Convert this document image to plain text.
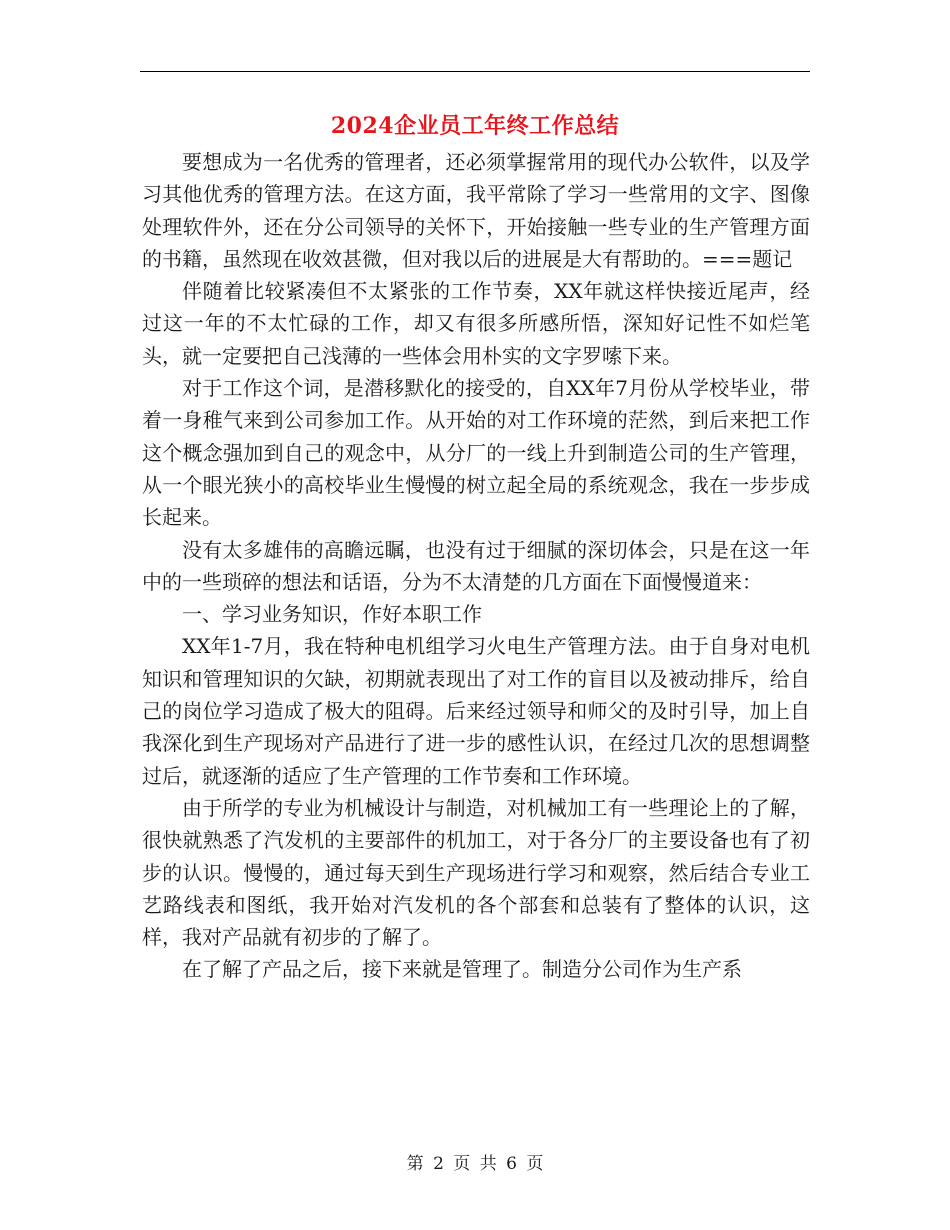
2024企业员工年终工作总结

要想成为一名优秀的管理者，还必须掌握常用的现代办公软件，以及学习其他优秀的管理方法。在这方面，我平常除了学习一些常用的文字、图像处理软件外，还在分公司领导的关怀下，开始接触一些专业的生产管理方面的书籍，虽然现在收效甚微，但对我以后的进展是大有帮助的。===题记

伴随着比较紧凑但不太紧张的工作节奏，XX年就这样快接近尾声，经过这一年的不太忙碌的工作，却又有很多所感所悟，深知好记性不如烂笔头，就一定要把自己浅薄的一些体会用朴实的文字罗嗦下来。

对于工作这个词，是潜移默化的接受的，自XX年7月份从学校毕业，带着一身稚气来到公司参加工作。从开始的对工作环境的茫然，到后来把工作这个概念强加到自己的观念中，从分厂的一线上升到制造公司的生产管理，从一个眼光狭小的高校毕业生慢慢的树立起全局的系统观念，我在一步步成长起来。

没有太多雄伟的高瞻远瞩，也没有过于细腻的深切体会，只是在这一年中的一些琐碎的想法和话语，分为不太清楚的几方面在下面慢慢道来：

一、学习业务知识，作好本职工作

XX年1-7月，我在特种电机组学习火电生产管理方法。由于自身对电机知识和管理知识的欠缺，初期就表现出了对工作的盲目以及被动排斥，给自己的岗位学习造成了极大的阻碍。后来经过领导和师父的及时引导，加上自我深化到生产现场对产品进行了进一步的感性认识，在经过几次的思想调整过后，就逐渐的适应了生产管理的工作节奏和工作环境。

由于所学的专业为机械设计与制造，对机械加工有一些理论上的了解，很快就熟悉了汽发机的主要部件的机加工，对于各分厂的主要设备也有了初步的认识。慢慢的，通过每天到生产现场进行学习和观察，然后结合专业工艺路线表和图纸，我开始对汽发机的各个部套和总装有了整体的认识，这样，我对产品就有初步的了解了。

在了解了产品之后，接下来就是管理了。制造分公司作为生产系

第 2 页 共 6 页
